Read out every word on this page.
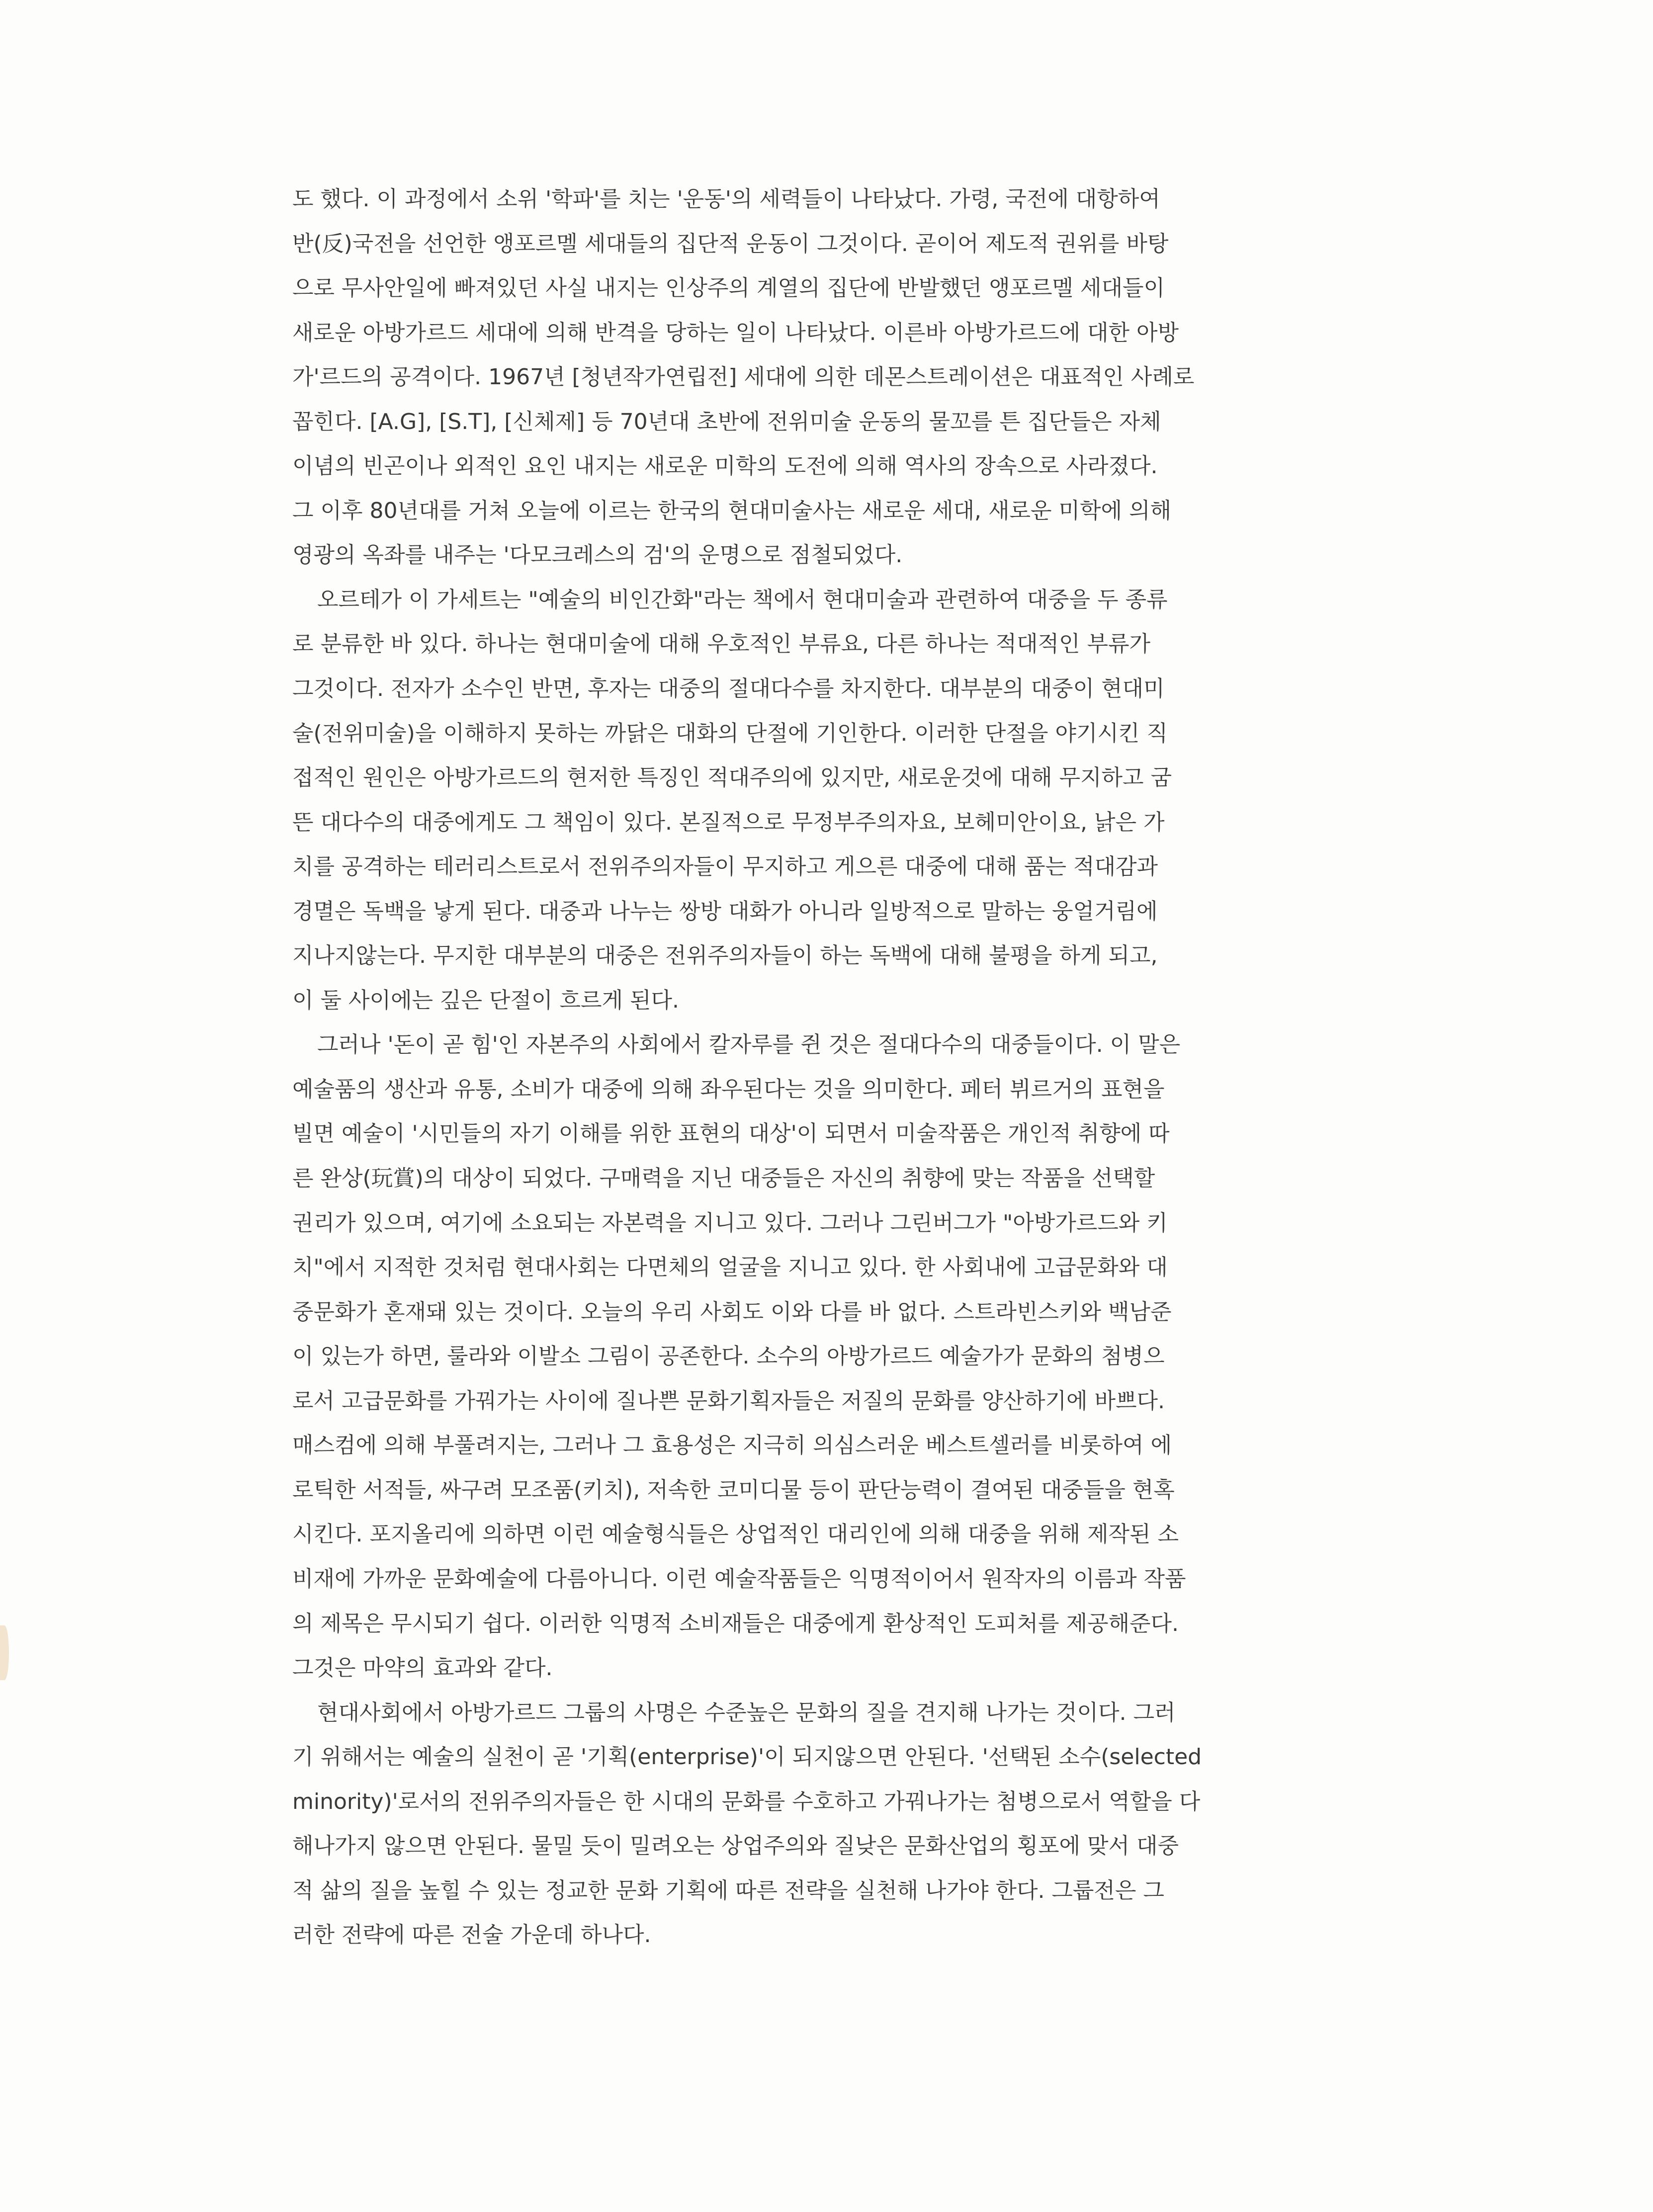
도 했다. 이 과정에서 소위 '학파'를 치는 '운동'의 세력들이 나타났다. 가령, 국전에 대항하여
반(反)국전을 선언한 앵포르멜 세대들의 집단적 운동이 그것이다. 곧이어 제도적 권위를 바탕
으로 무사안일에 빠져있던 사실 내지는 인상주의 계열의 집단에 반발했던 앵포르멜 세대들이
새로운 아방가르드 세대에 의해 반격을 당하는 일이 나타났다. 이른바 아방가르드에 대한 아방
가'르드의 공격이다. 1967년 [청년작가연립전] 세대에 의한 데몬스트레이션은 대표적인 사례로
꼽힌다. [A.G], [S.T], [신체제] 등 70년대 초반에 전위미술 운동의 물꼬를 튼 집단들은 자체
이념의 빈곤이나 외적인 요인 내지는 새로운 미학의 도전에 의해 역사의 장속으로 사라졌다.
그 이후 80년대를 거쳐 오늘에 이르는 한국의 현대미술사는 새로운 세대, 새로운 미학에 의해
영광의 옥좌를 내주는 '다모크레스의 검'의 운명으로 점철되었다.

오르테가 이 가세트는 "예술의 비인간화"라는 책에서 현대미술과 관련하여 대중을 두 종류
로 분류한 바 있다. 하나는 현대미술에 대해 우호적인 부류요, 다른 하나는 적대적인 부류가
그것이다. 전자가 소수인 반면, 후자는 대중의 절대다수를 차지한다. 대부분의 대중이 현대미
술(전위미술)을 이해하지 못하는 까닭은 대화의 단절에 기인한다. 이러한 단절을 야기시킨 직
접적인 원인은 아방가르드의 현저한 특징인 적대주의에 있지만, 새로운것에 대해 무지하고 굼
뜬 대다수의 대중에게도 그 책임이 있다. 본질적으로 무정부주의자요, 보헤미안이요, 낡은 가
치를 공격하는 테러리스트로서 전위주의자들이 무지하고 게으른 대중에 대해 품는 적대감과
경멸은 독백을 낳게 된다. 대중과 나누는 쌍방 대화가 아니라 일방적으로 말하는 웅얼거림에
지나지않는다. 무지한 대부분의 대중은 전위주의자들이 하는 독백에 대해 불평을 하게 되고,
이 둘 사이에는 깊은 단절이 흐르게 된다.

그러나 '돈이 곧 힘'인 자본주의 사회에서 칼자루를 쥔 것은 절대다수의 대중들이다. 이 말은
예술품의 생산과 유통, 소비가 대중에 의해 좌우된다는 것을 의미한다. 페터 뷔르거의 표현을
빌면 예술이 '시민들의 자기 이해를 위한 표현의 대상'이 되면서 미술작품은 개인적 취향에 따
른 완상(玩賞)의 대상이 되었다. 구매력을 지닌 대중들은 자신의 취향에 맞는 작품을 선택할
권리가 있으며, 여기에 소요되는 자본력을 지니고 있다. 그러나 그린버그가 "아방가르드와 키
치"에서 지적한 것처럼 현대사회는 다면체의 얼굴을 지니고 있다. 한 사회내에 고급문화와 대
중문화가 혼재돼 있는 것이다. 오늘의 우리 사회도 이와 다를 바 없다. 스트라빈스키와 백남준
이 있는가 하면, 룰라와 이발소 그림이 공존한다. 소수의 아방가르드 예술가가 문화의 첨병으
로서 고급문화를 가꿔가는 사이에 질나쁜 문화기획자들은 저질의 문화를 양산하기에 바쁘다.
매스컴에 의해 부풀려지는, 그러나 그 효용성은 지극히 의심스러운 베스트셀러를 비롯하여 에
로틱한 서적들, 싸구려 모조품(키치), 저속한 코미디물 등이 판단능력이 결여된 대중들을 현혹
시킨다. 포지올리에 의하면 이런 예술형식들은 상업적인 대리인에 의해 대중을 위해 제작된 소
비재에 가까운 문화예술에 다름아니다. 이런 예술작품들은 익명적이어서 원작자의 이름과 작품
의 제목은 무시되기 쉽다. 이러한 익명적 소비재들은 대중에게 환상적인 도피처를 제공해준다.
그것은 마약의 효과와 같다.

현대사회에서 아방가르드 그룹의 사명은 수준높은 문화의 질을 견지해 나가는 것이다. 그러
기 위해서는 예술의 실천이 곧 '기획(enterprise)'이 되지않으면 안된다. '선택된 소수(selected
minority)'로서의 전위주의자들은 한 시대의 문화를 수호하고 가꿔나가는 첨병으로서 역할을 다
해나가지 않으면 안된다. 물밀 듯이 밀려오는 상업주의와 질낮은 문화산업의 횡포에 맞서 대중
적 삶의 질을 높힐 수 있는 정교한 문화 기획에 따른 전략을 실천해 나가야 한다. 그룹전은 그
러한 전략에 따른 전술 가운데 하나다.
